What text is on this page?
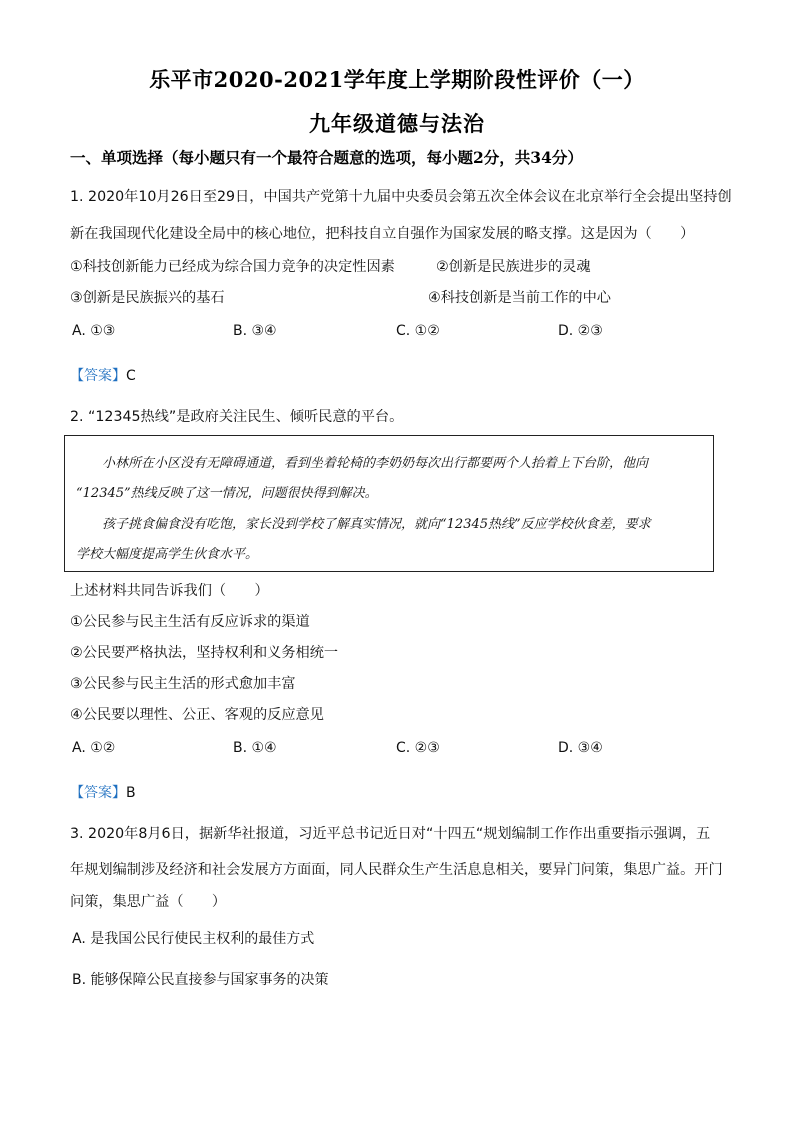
乐平市2020-2021学年度上学期阶段性评价（一）
九年级道德与法治
一、单项选择（每小题只有一个最符合题意的选项，每小题2分，共34分）
1. 2020年10月26日至29日，中国共产党第十九届中央委员会第五次全体会议在北京举行全会提出坚持创
新在我国现代化建设全局中的核心地位，把科技自立自强作为国家发展的略支撑。这是因为（　　）
①科技创新能力已经成为综合国力竞争的决定性因素	②创新是民族进步的灵魂
③创新是民族振兴的基石	④科技创新是当前工作的中心
A. ①③	B. ③④	C. ①②	D. ②③
【答案】C
2. “12345热线”是政府关注民生、倾听民意的平台。
小林所在小区没有无障碍通道，看到坐着轮椅的李奶奶每次出行都要两个人抬着上下台阶，他向
“12345”热线反映了这一情况，问题很快得到解决。
孩子挑食偏食没有吃饱，家长没到学校了解真实情况，就向“12345热线”反应学校伙食差，要求
学校大幅度提高学生伙食水平。
上述材料共同告诉我们（　　）
①公民参与民主生活有反应诉求的渠道
②公民要严格执法，坚持权利和义务相统一
③公民参与民主生活的形式愈加丰富
④公民要以理性、公正、客观的反应意见
A. ①②	B. ①④	C. ②③	D. ③④
【答案】B
3. 2020年8月6日，据新华社报道，习近平总书记近日对“十四五“规划编制工作作出重要指示强调，五
年规划编制涉及经济和社会发展方方面面，同人民群众生产生活息息相关，要异门问策，集思广益。开门
问策，集思广益（　　）
A. 是我国公民行使民主权利的最佳方式
B. 能够保障公民直接参与国家事务的决策
